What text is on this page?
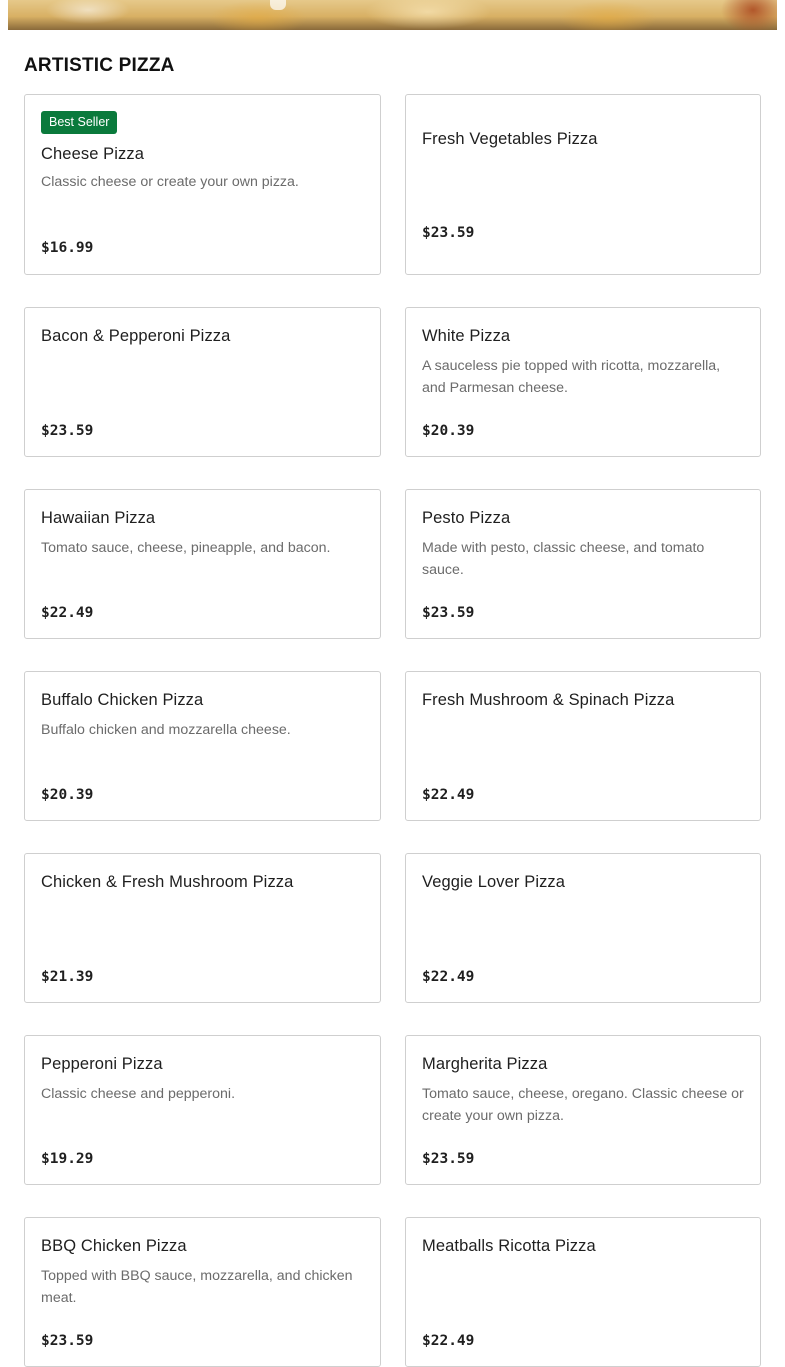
ARTISTIC PIZZA
Best Seller
Cheese Pizza
Classic cheese or create your own pizza.
$16.99
Fresh Vegetables Pizza
$23.59
Bacon & Pepperoni Pizza
$23.59
White Pizza
A sauceless pie topped with ricotta, mozzarella, and Parmesan cheese.
$20.39
Hawaiian Pizza
Tomato sauce, cheese, pineapple, and bacon.
$22.49
Pesto Pizza
Made with pesto, classic cheese, and tomato sauce.
$23.59
Buffalo Chicken Pizza
Buffalo chicken and mozzarella cheese.
$20.39
Fresh Mushroom & Spinach Pizza
$22.49
Chicken & Fresh Mushroom Pizza
$21.39
Veggie Lover Pizza
$22.49
Pepperoni Pizza
Classic cheese and pepperoni.
$19.29
Margherita Pizza
Tomato sauce, cheese, oregano. Classic cheese or create your own pizza.
$23.59
BBQ Chicken Pizza
Topped with BBQ sauce, mozzarella, and chicken meat.
$23.59
Meatballs Ricotta Pizza
$22.49
